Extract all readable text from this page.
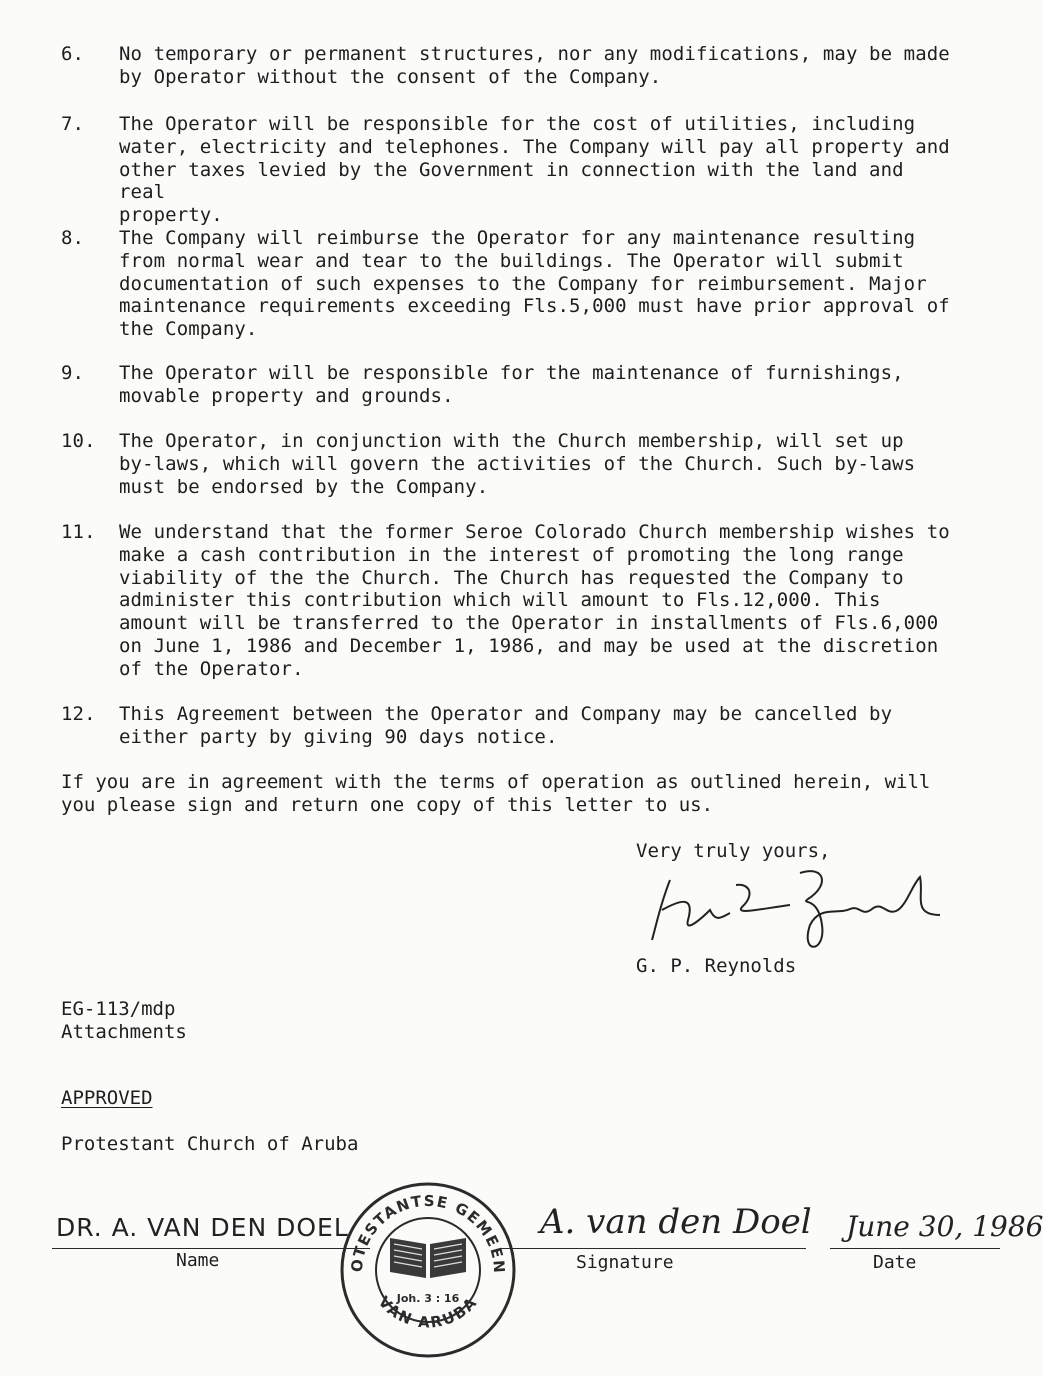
6.	No temporary or permanent structures, nor any modifications, may be made
by Operator without the consent of the Company.
7.	The Operator will be responsible for the cost of utilities, including
water, electricity and telephones. The Company will pay all property and
other taxes levied by the Government in connection with the land and real
property.
8.	The Company will reimburse the Operator for any maintenance resulting
from normal wear and tear to the buildings. The Operator will submit
documentation of such expenses to the Company for reimbursement. Major
maintenance requirements exceeding Fls.5,000 must have prior approval of
the Company.
9.	The Operator will be responsible for the maintenance of furnishings,
movable property and grounds.
10.	The Operator, in conjunction with the Church membership, will set up
by-laws, which will govern the activities of the Church. Such by-laws
must be endorsed by the Company.
11.	We understand that the former Seroe Colorado Church membership wishes to
make a cash contribution in the interest of promoting the long range
viability of the the Church. The Church has requested the Company to
administer this contribution which will amount to Fls.12,000. This
amount will be transferred to the Operator in installments of Fls.6,000
on June 1, 1986 and December 1, 1986, and may be used at the discretion
of the Operator.
12.	This Agreement between the Operator and Company may be cancelled by
either party by giving 90 days notice.
If you are in agreement with the terms of operation as outlined herein, will
you please sign and return one copy of this letter to us.
Very truly yours,
G. P. Reynolds
EG-113/mdp
Attachments
APPROVED
Protestant Church of Aruba
DR. A. VAN DEN DOEL	A. van den Doel June 30, 1986
Name	Signature	Date
PROTESTANTSE GEMEENTE
VAN ARUBA
Joh. 3 : 16
